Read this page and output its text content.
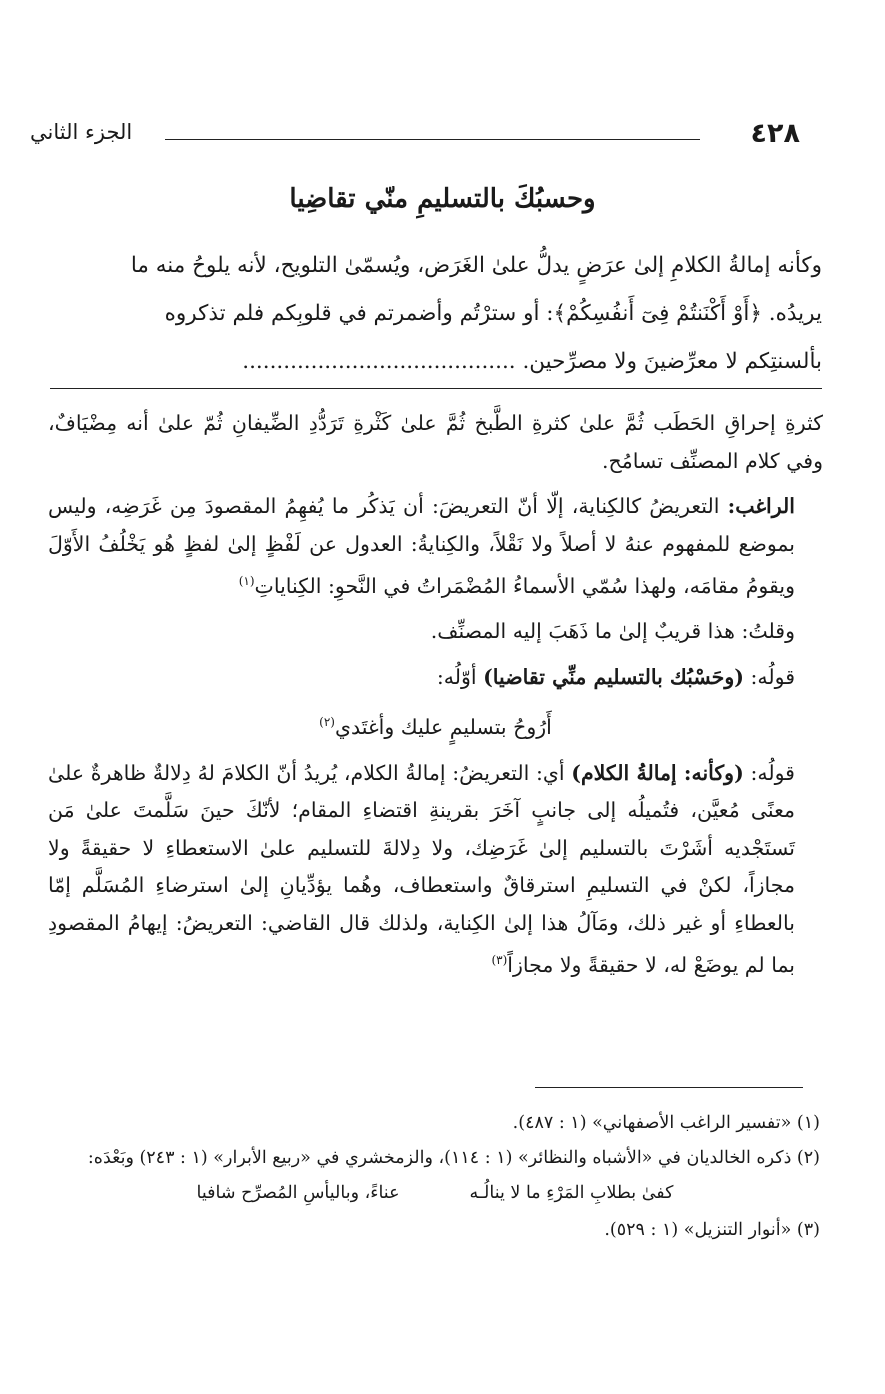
٤٢٨
الجزء الثاني
وحسبُكَ بالتسليمِ منّي تقاضِيا
وكأنه إمالةُ الكلامِ إلىٰ عرَضٍ يدلُّ علىٰ الغَرَض، ويُسمّىٰ التلويح، لأنه يلوحُ منه ما
يريدُه. ﴿أَوْ أَكْنَنتُمْ فِىٓ أَنفُسِكُمْ﴾: أو سترْتُم وأضمرتم في قلوبِكم فلم تذكروه
بألسنتِكم لا معرِّضينَ ولا مصرِّحين. ........................................

كثرةِ إحراقِ الحَطَب ثُمَّ علىٰ كثرةِ الطَّبخ ثُمَّ علىٰ كَثْرةِ تَرَدُّدِ الضِّيفانِ ثُمّ علىٰ أنه مِضْيَافٌ، وفي كلام المصنِّف تسامُح.

الراغب: التعريضُ كالكِناية، إلّا أنّ التعريضَ: أن يَذكُر ما يُفهِمُ المقصودَ مِن غَرَضِه، وليس بموضع للمفهوم عنهُ لا أصلاً ولا نَقْلاً، والكِنايةُ: العدول عن لَفْظٍ إلىٰ لفظٍ هُو يَخْلُفُ الأَوّلَ ويقومُ مقامَه، ولهذا سُمّي الأسماءُ المُضْمَراتُ في النَّحوِ: الكِناياتِ$^{(١)}$

وقلتُ: هذا قريبٌ إلىٰ ما ذَهَبَ إليه المصنِّف.

قولُه: (وحَسْبُك بالتسليم منِّي تقاضيا) أوّلُه:

أَرُوحُ بتسليمٍ عليك وأغتَدي$^{(٢)}$

قولُه: (وكأنه: إمالةُ الكلام) أي: التعريضُ: إمالةُ الكلام، يُريدُ أنّ الكلامَ لهُ دِلالةٌ ظاهرةٌ علىٰ معنًى مُعيَّن، فتُميلُه إلى جانبٍ آخَرَ بقرينةِ اقتضاءِ المقام؛ لأنّكَ حينَ سَلَّمتَ علىٰ مَن تَستَجْديه أشَرْتَ بالتسليم إلىٰ غَرَضِك، ولا دِلالةَ للتسليم علىٰ الاستعطاءِ لا حقيقةً ولا مجازاً، لكنْ في التسليمِ استرقاقٌ واستعطاف، وهُما يؤدِّيانِ إلىٰ استرضاءِ المُسَلَّم إمّا بالعطاءِ أو غير ذلك، ومَآلُ هذا إلىٰ الكِناية، ولذلك قال القاضي: التعريضُ: إيهامُ المقصودِ بما لم يوضَعْ له، لا حقيقةً ولا مجازاً$^{(٣)}$

(١) «تفسير الراغب الأصفهاني» (١ : ٤٨٧).

(٢) ذكره الخالديان في «الأشباه والنظائر» (١ : ١١٤)، والزمخشري في «ربيع الأبرار» (١ : ٢٤٣) وبَعْدَه:

كفىٰ بطلابِ المَرْءِ ما لا ينالُـه
عناءً، وباليأسِ المُصرِّح شافيا

(٣) «أنوار التنزيل» (١ : ٥٢٩).
